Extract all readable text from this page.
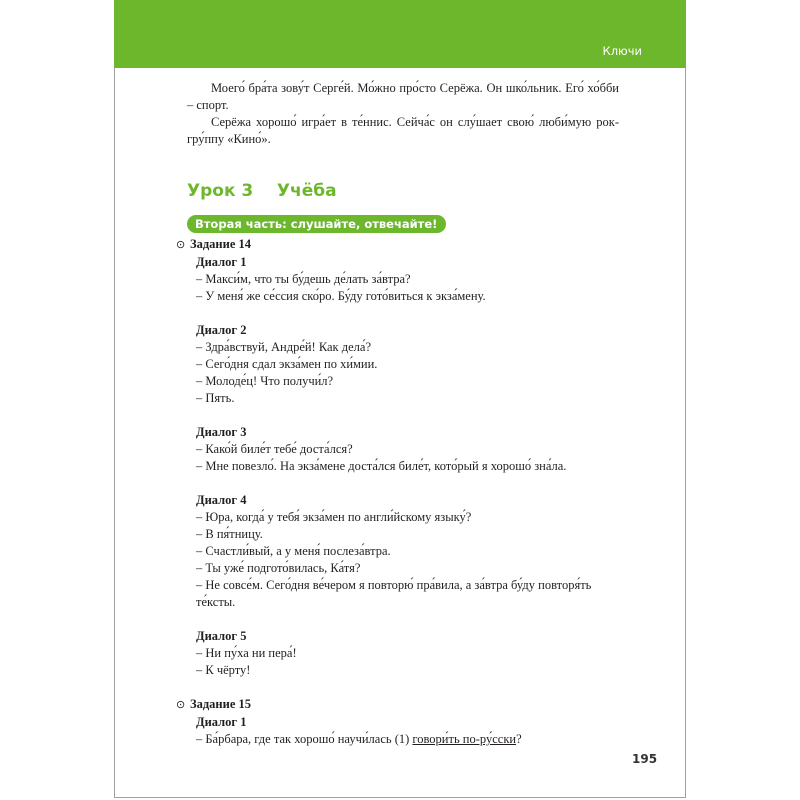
Ключи

Моего́ бра́та зову́т Серге́й. Мо́жно про́сто Серёжа. Он шко́льник. Его́ хо́бби – спорт.

Серёжа хорошо́ игра́ет в те́ннис. Сейча́с он слу́шает свою́ люби́мую рок-гру́ппу «Кино́».

Урок 3    Учёба
Вторая часть: слушайте, отвечайте!
⊙ Задание 14
Диалог 1
– Макси́м, что ты бу́дешь де́лать за́втра?
– У меня́ же се́ссия ско́ро. Бу́ду гото́виться к экза́мену.
Диалог 2
– Здра́вствуй, Андре́й! Как дела́?
– Сего́дня сдал экза́мен по хи́мии.
– Молоде́ц! Что получи́л?
– Пять.
Диалог 3
– Како́й биле́т тебе́ доста́лся?
– Мне повезло́. На экза́мене доста́лся биле́т, кото́рый я хорошо́ зна́ла.
Диалог 4
– Юра, когда́ у тебя́ экза́мен по англи́йскому языку́?
– В пя́тницу.
– Счастли́вый, а у меня́ послеза́втра.
– Ты уже́ подгото́вилась, Ка́тя?
– Не совсе́м. Сего́дня ве́чером я повторю́ пра́вила, а за́втра бу́ду повторя́ть те́ксты.
Диалог 5
– Ни пу́ха ни пера́!
– К чёрту!
⊙ Задание 15
Диалог 1
– Ба́рбара, где так хорошо́ научи́лась (1) говори́ть по-ру́сски?
195
